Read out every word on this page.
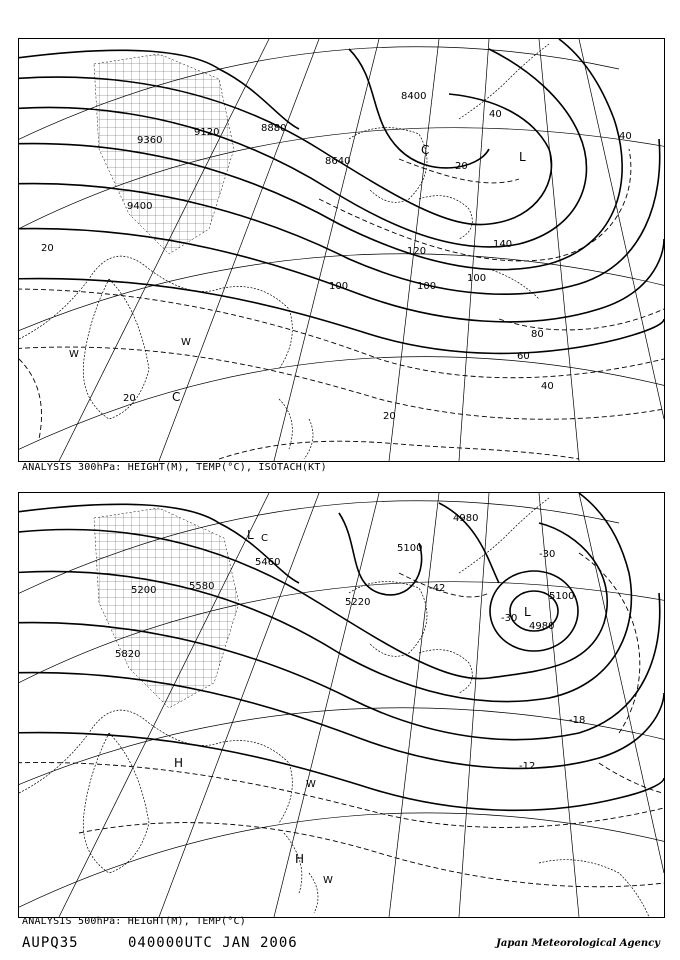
9120	8880
8640
8400
9360
9400
120
140
100
100	100
80
60
40
20
20
20
40
40
20
L
C
W
W
C
ANALYSIS 300hPa: HEIGHT(M), TEMP(°C), ISOTACH(KT)
5200	5580
5460
5220
5100
4980
5100
4980
5820
-42
-30
-18
-12
-30
L C
L
H
H
W
W
ANALYSIS 500hPa: HEIGHT(M), TEMP(°C)
AUPQ35	040000UTC JAN 2006	Japan Meteorological Agency
